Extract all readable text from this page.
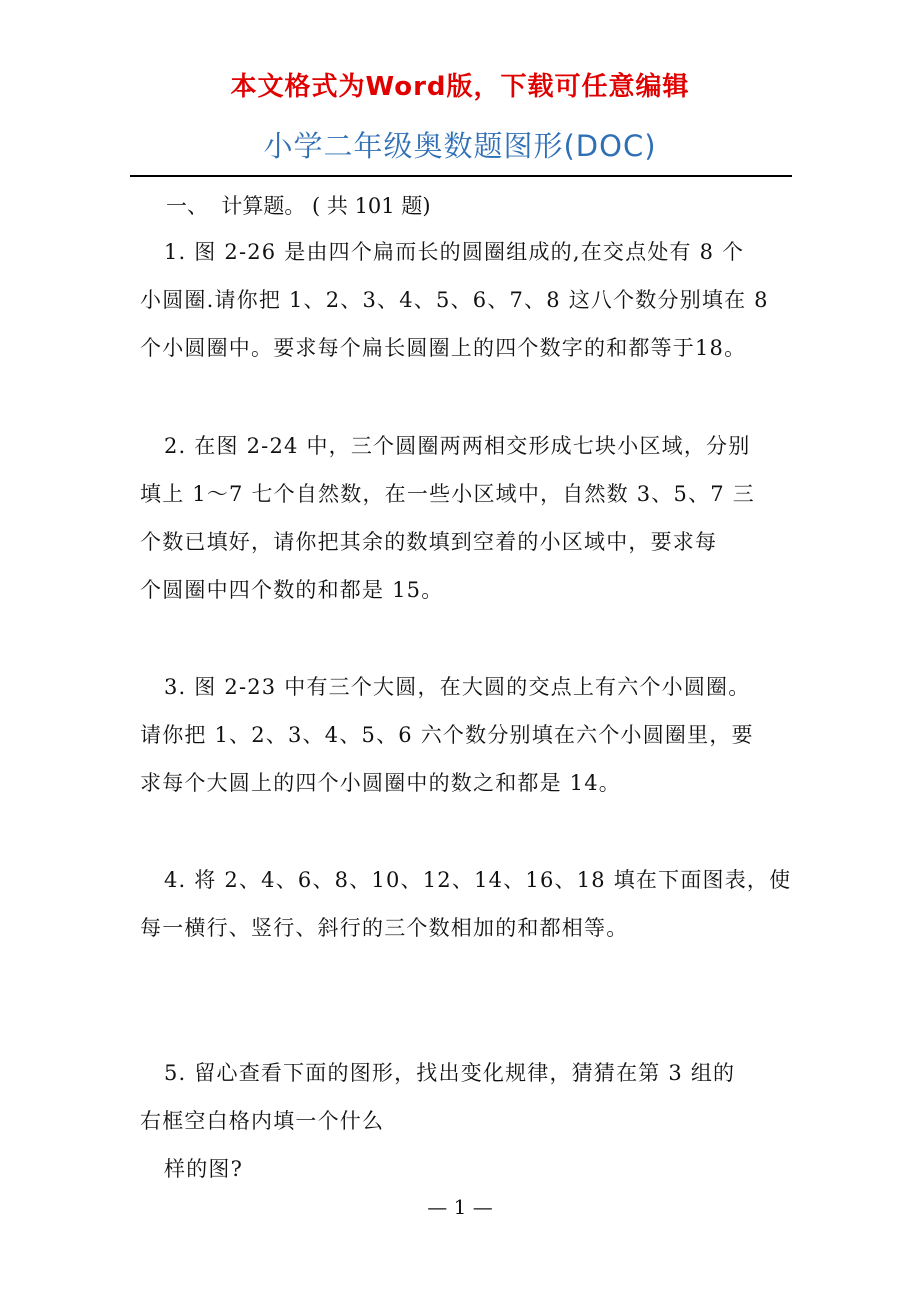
本文格式为Word版，下载可任意编辑
小学二年级奥数题图形(DOC)
一、  计算题。 ( 共 101 题)
1. 图 2-26 是由四个扁而长的圆圈组成的,在交点处有 8 个
小圆圈.请你把 1、2、3、4、5、6、7、8 这八个数分别填在 8
个小圆圈中。要求每个扁长圆圈上的四个数字的和都等于18。
2. 在图 2-24 中，三个圆圈两两相交形成七块小区域，分别
填上 1～7 七个自然数，在一些小区域中，自然数 3、5、7 三
个数已填好，请你把其余的数填到空着的小区域中，要求每
个圆圈中四个数的和都是 15。
3. 图 2-23 中有三个大圆，在大圆的交点上有六个小圆圈。
请你把 1、2、3、4、5、6 六个数分别填在六个小圆圈里，要
求每个大圆上的四个小圆圈中的数之和都是 14。
4. 将 2、4、6、8、10、12、14、16、18 填在下面图表，使
每一横行、竖行、斜行的三个数相加的和都相等。
5. 留心查看下面的图形，找出变化规律，猜猜在第 3 组的
右框空白格内填一个什么
样的图?
— 1 —
